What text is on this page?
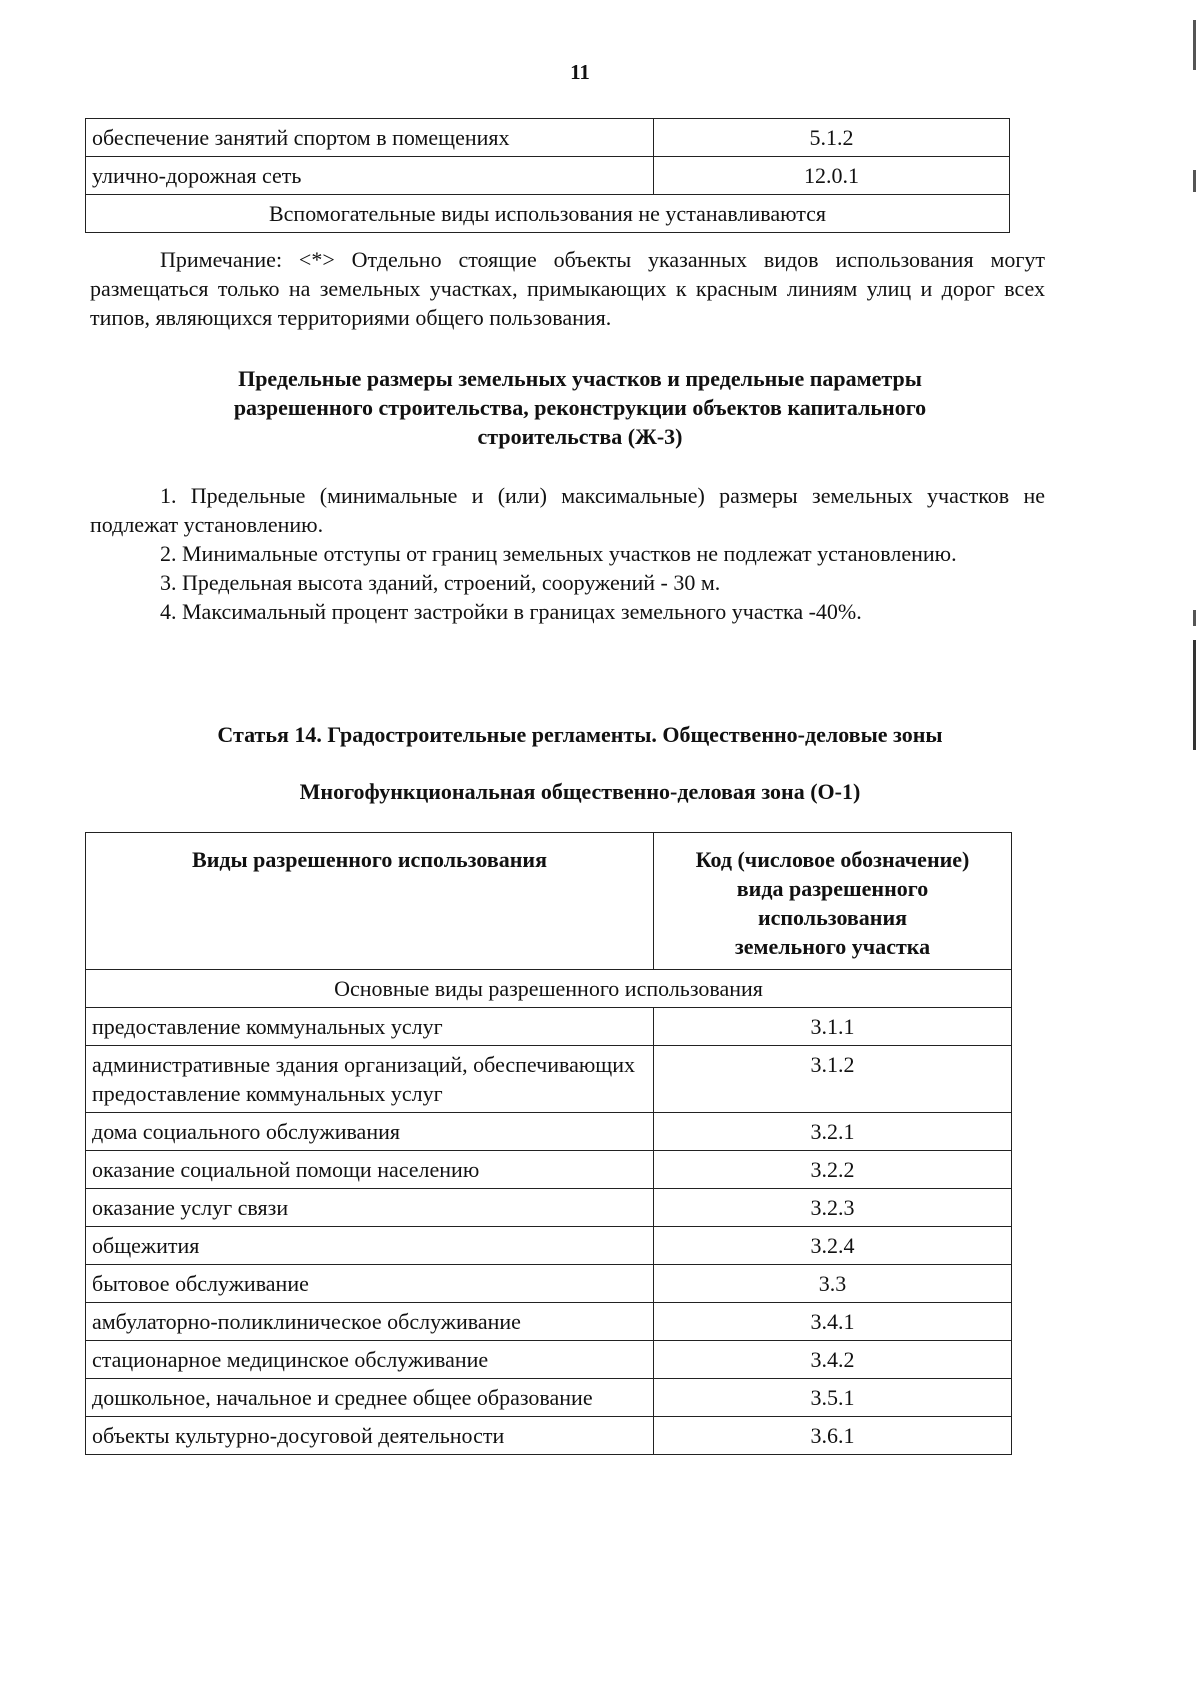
11
обеспечение занятий спортом в помещениях	5.1.2
улично-дорожная сеть	12.0.1
Вспомогательные виды использования не устанавливаются	
Примечание: <*> Отдельно стоящие объекты указанных видов использования могут размещаться только на земельных участках, примыкающих к красным линиям улиц и дорог всех типов, являющихся территориями общего пользования.
Предельные размеры земельных участков и предельные параметры
разрешенного строительства, реконструкции объектов капитального
строительства (Ж-3)

1. Предельные (минимальные и (или) максимальные) размеры земельных участков не подлежат установлению.

2. Минимальные отступы от границ земельных участков не подлежат установлению.

3. Предельная высота зданий, строений, сооружений - 30 м.

4. Максимальный процент застройки в границах земельного участка -40%.

Статья 14. Градостроительные регламенты. Общественно-деловые зоны
Многофункциональная общественно-деловая зона (О-1)
Виды разрешенного использования	Код (числовое обозначение)
вида разрешенного
использования
земельного участка

Основные виды разрешенного использования	
предоставление коммунальных услуг	3.1.1
административные здания организаций, обеспечивающих предоставление коммунальных услуг	3.1.2
дома социального обслуживания	3.2.1
оказание социальной помощи населению	3.2.2
оказание услуг связи	3.2.3
общежития	3.2.4
бытовое обслуживание	3.3
амбулаторно-поликлиническое обслуживание	3.4.1
стационарное медицинское обслуживание	3.4.2
дошкольное, начальное и среднее общее образование	3.5.1
объекты культурно-досуговой деятельности	3.6.1
